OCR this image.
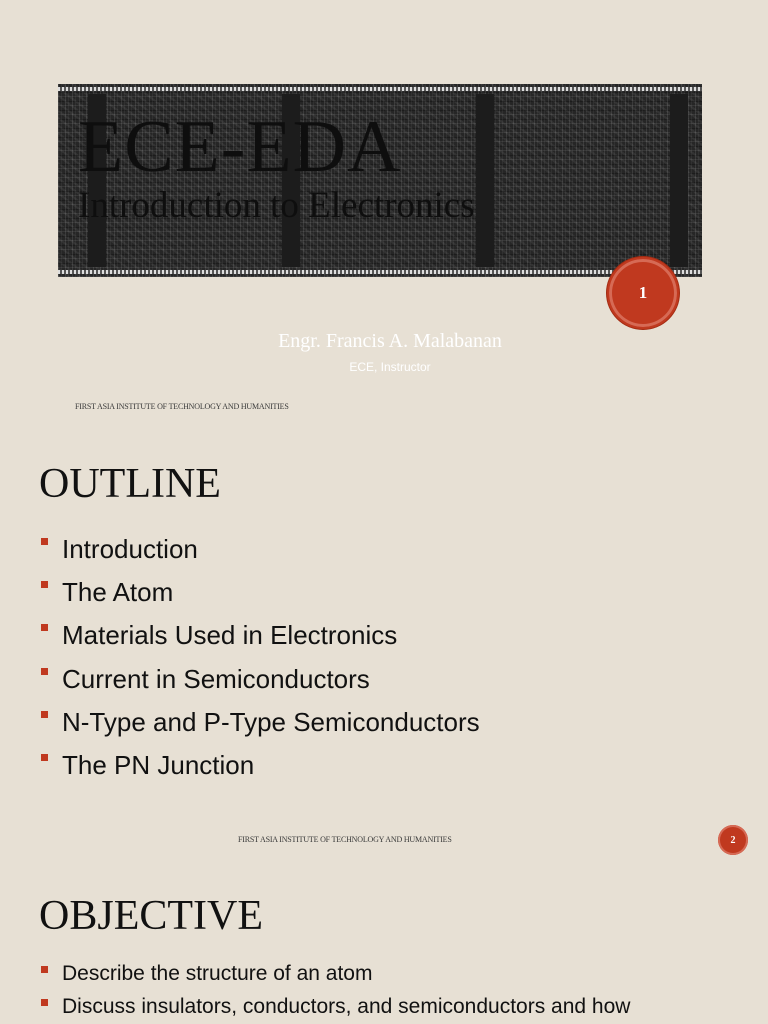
ECE-EDA
Introduction to Electronics
1
Engr. Francis A. Malabanan
ECE, Instructor
FIRST ASIA INSTITUTE OF TECHNOLOGY AND HUMANITIES
OUTLINE
Introduction
The Atom
Materials Used in Electronics
Current in Semiconductors
N-Type and P-Type Semiconductors
The PN Junction
FIRST ASIA INSTITUTE OF TECHNOLOGY AND HUMANITIES	2
OBJECTIVE
Describe the structure of an atom
Discuss insulators, conductors, and semiconductors and how
